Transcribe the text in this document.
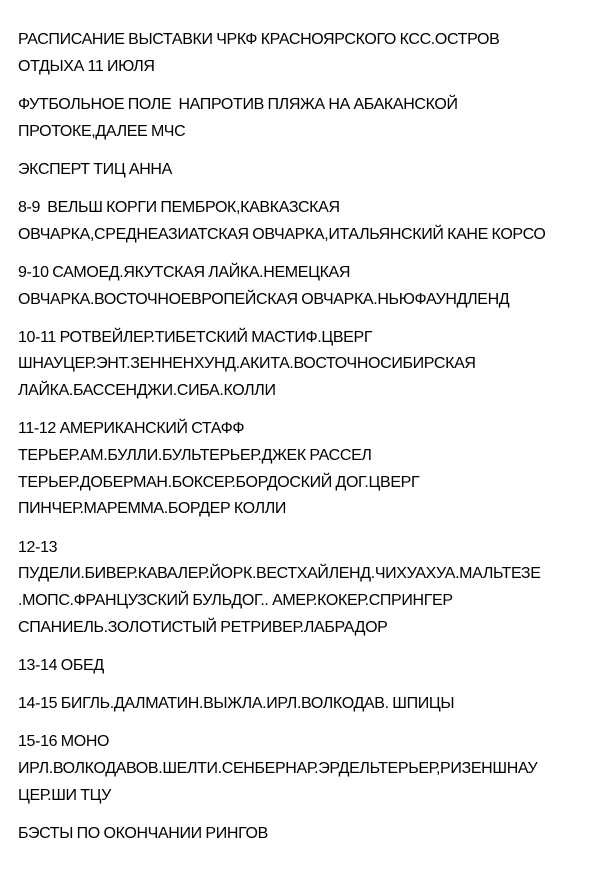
РАСПИСАНИЕ ВЫСТАВКИ ЧРКФ КРАСНОЯРСКОГО КСС.ОСТРОВ
ОТДЫХА 11 ИЮЛЯ
ФУТБОЛЬНОЕ ПОЛЕ  НАПРОТИВ ПЛЯЖА НА АБАКАНСКОЙ
ПРОТОКЕ,ДАЛЕЕ МЧС
ЭКСПЕРТ ТИЦ АННА
8-9  ВЕЛЬШ КОРГИ ПЕМБРОК,КАВКАЗСКАЯ
ОВЧАРКА,СРЕДНЕАЗИАТСКАЯ ОВЧАРКА,ИТАЛЬЯНСКИЙ КАНЕ КОРСО
9-10 САМОЕД.ЯКУТСКАЯ ЛАЙКА.НЕМЕЦКАЯ
ОВЧАРКА.ВОСТОЧНОЕВРОПЕЙСКАЯ ОВЧАРКА.НЬЮФАУНДЛЕНД
10-11 РОТВЕЙЛЕР.ТИБЕТСКИЙ МАСТИФ.ЦВЕРГ
ШНАУЦЕР.ЭНТ.ЗЕННЕНХУНД.АКИТА.ВОСТОЧНОСИБИРСКАЯ
ЛАЙКА.БАССЕНДЖИ.СИБА.КОЛЛИ
11-12 АМЕРИКАНСКИЙ СТАФФ
ТЕРЬЕР.АМ.БУЛЛИ.БУЛЬТЕРЬЕР.ДЖЕК РАССЕЛ
ТЕРЬЕР.ДОБЕРМАН.БОКСЕР.БОРДОСКИЙ ДОГ.ЦВЕРГ
ПИНЧЕР.МАРЕММА.БОРДЕР КОЛЛИ
12-13
ПУДЕЛИ.БИВЕР.КАВАЛЕР.ЙОРК.ВЕСТХАЙЛЕНД.ЧИХУАХУА.МАЛЬТЕЗЕ
.МОПС.ФРАНЦУЗСКИЙ БУЛЬДОГ.. АМЕР.КОКЕР.СПРИНГЕР
СПАНИЕЛЬ.ЗОЛОТИСТЫЙ РЕТРИВЕР.ЛАБРАДОР
13-14 ОБЕД
14-15 БИГЛЬ.ДАЛМАТИН.ВЫЖЛА.ИРЛ.ВОЛКОДАВ. ШПИЦЫ
15-16 МОНО
ИРЛ.ВОЛКОДАВОВ.ШЕЛТИ.СЕНБЕРНАР.ЭРДЕЛЬТЕРЬЕР,РИЗЕНШНАУ
ЦЕР.ШИ ТЦУ
БЭСТЫ ПО ОКОНЧАНИИ РИНГОВ
